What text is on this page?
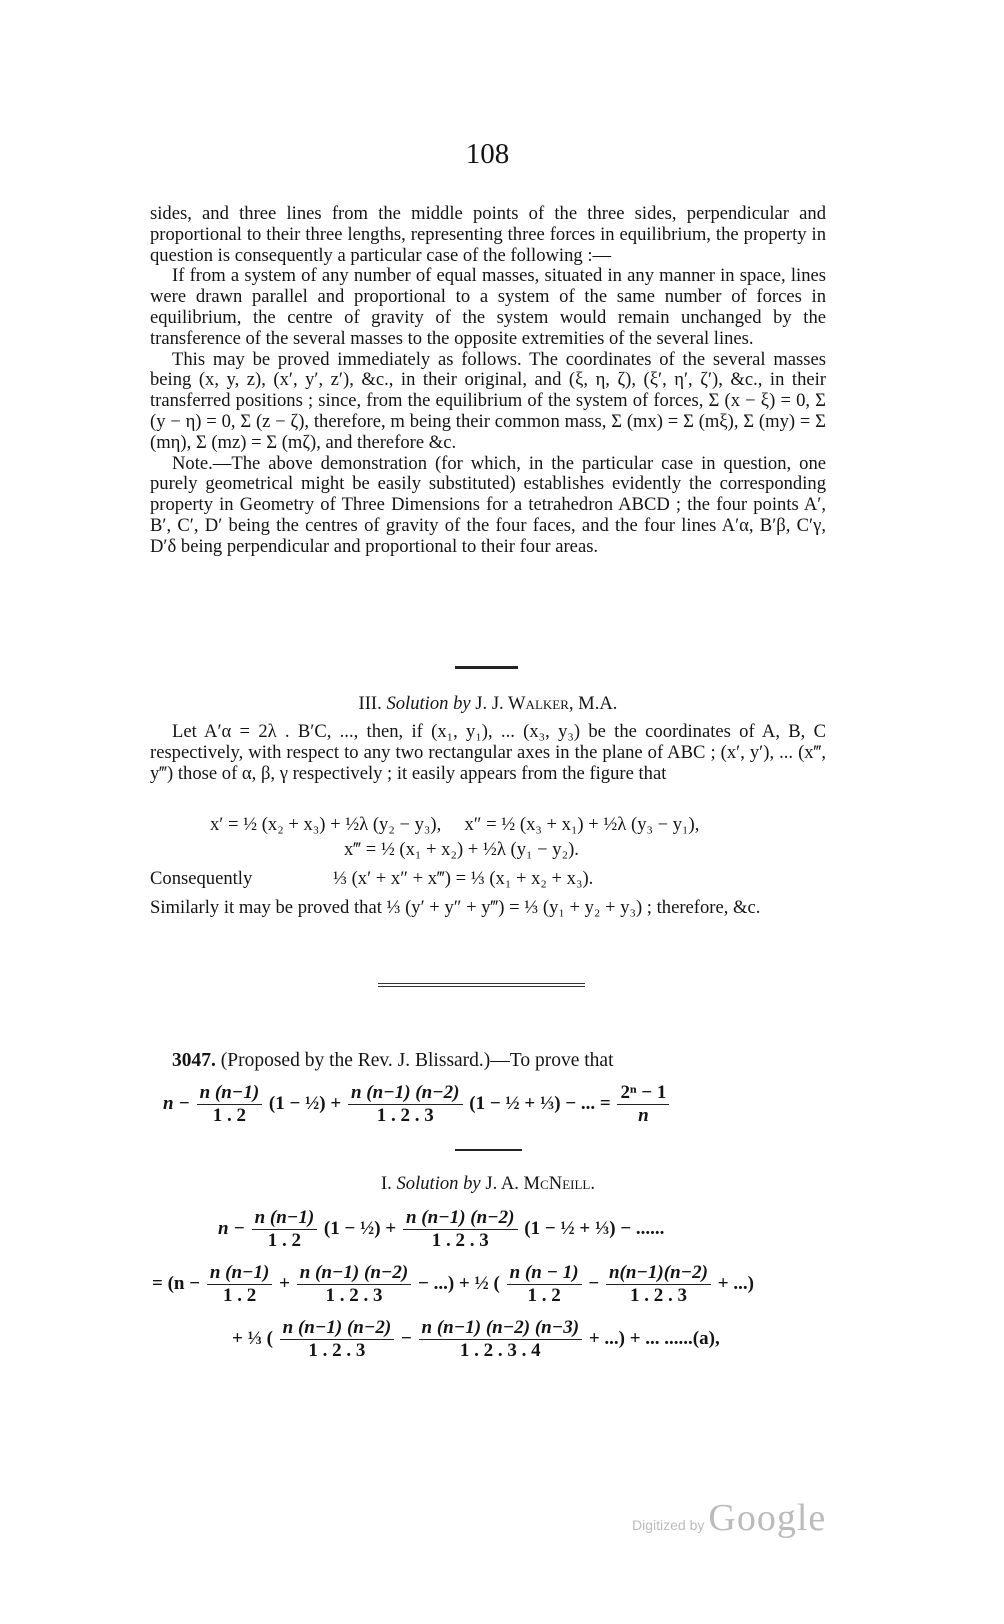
108

sides, and three lines from the middle points of the three sides, perpendicular and proportional to their three lengths, representing three forces in equilibrium, the property in question is consequently a particular case of the following :—

If from a system of any number of equal masses, situated in any manner in space, lines were drawn parallel and proportional to a system of the same number of forces in equilibrium, the centre of gravity of the system would remain unchanged by the transference of the several masses to the opposite extremities of the several lines.

This may be proved immediately as follows. The coordinates of the several masses being (x, y, z), (x′, y′, z′), &c., in their original, and (ξ, η, ζ), (ξ′, η′, ζ′), &c., in their transferred positions ; since, from the equilibrium of the system of forces, Σ (x − ξ) = 0, Σ (y − η) = 0, Σ (z − ζ), therefore, m being their common mass, Σ (mx) = Σ (mξ), Σ (my) = Σ (mη), Σ (mz) = Σ (mζ), and therefore &c.

Note.—The above demonstration (for which, in the particular case in question, one purely geometrical might be easily substituted) establishes evidently the corresponding property in Geometry of Three Dimensions for a tetrahedron ABCD ; the four points A′, B′, C′, D′ being the centres of gravity of the four faces, and the four lines A′α, B′β, C′γ, D′δ being perpendicular and proportional to their four areas.

III. Solution by J. J. Walker, M.A.

Let A′α = 2λ . B′C, ..., then, if (x₁, y₁), ... (x₃, y₃) be the coordinates of A, B, C respectively, with respect to any two rectangular axes in the plane of ABC ; (x′, y′), ... (x‴, y‴) those of α, β, γ respectively ; it easily appears from the figure that

x′ = ½ (x₂ + x₃) + ½λ (y₂ − y₃),     x″ = ½ (x₃ + x₁) + ½λ (y₃ − y₁),
x‴ = ½ (x₁ + x₂) + ½λ (y₁ − y₂).
Consequently	⅓ (x′ + x″ + x‴) = ⅓ (x₁ + x₂ + x₃).
Similarly it may be proved that ⅓ (y′ + y″ + y‴) = ⅓ (y₁ + y₂ + y₃) ; therefore, &c.
3047. (Proposed by the Rev. J. Blissard.)—To prove that
$n - \frac{n (n-1)}{1 . 2} (1$ − ½) + $\frac{n (n-1) (n-2)}{1 . 2 . 3} (1$ − ½ + ⅓) − ... = $\frac{\text{2ⁿ − 1}}{n}$
I. Solution by J. A. McNeill.
$n - \frac{n (n-1)}{1 . 2} (1$ − ½) + $\frac{n (n-1) (n-2)}{1 . 2 . 3} (1$ − ½ + ⅓) − ......
= ($n - \frac{n (n-1)}{1 . 2} + \frac{n (n-1) (n-2)}{1 . 2 . 3}$ − ...) + ½ ( $\frac{n (n - 1)}{1 . 2} - \frac{n(n-1)(n-2)}{1 . 2 . 3}$ + ...)
+ ⅓ ( $\frac{n (n-1) (n-2)}{1 . 2 . 3} - \frac{n (n-1) (n-2) (n-3)}{1 . 2 . 3 . 4}$ + ...) + ... ......(a),
Digitized by Google
